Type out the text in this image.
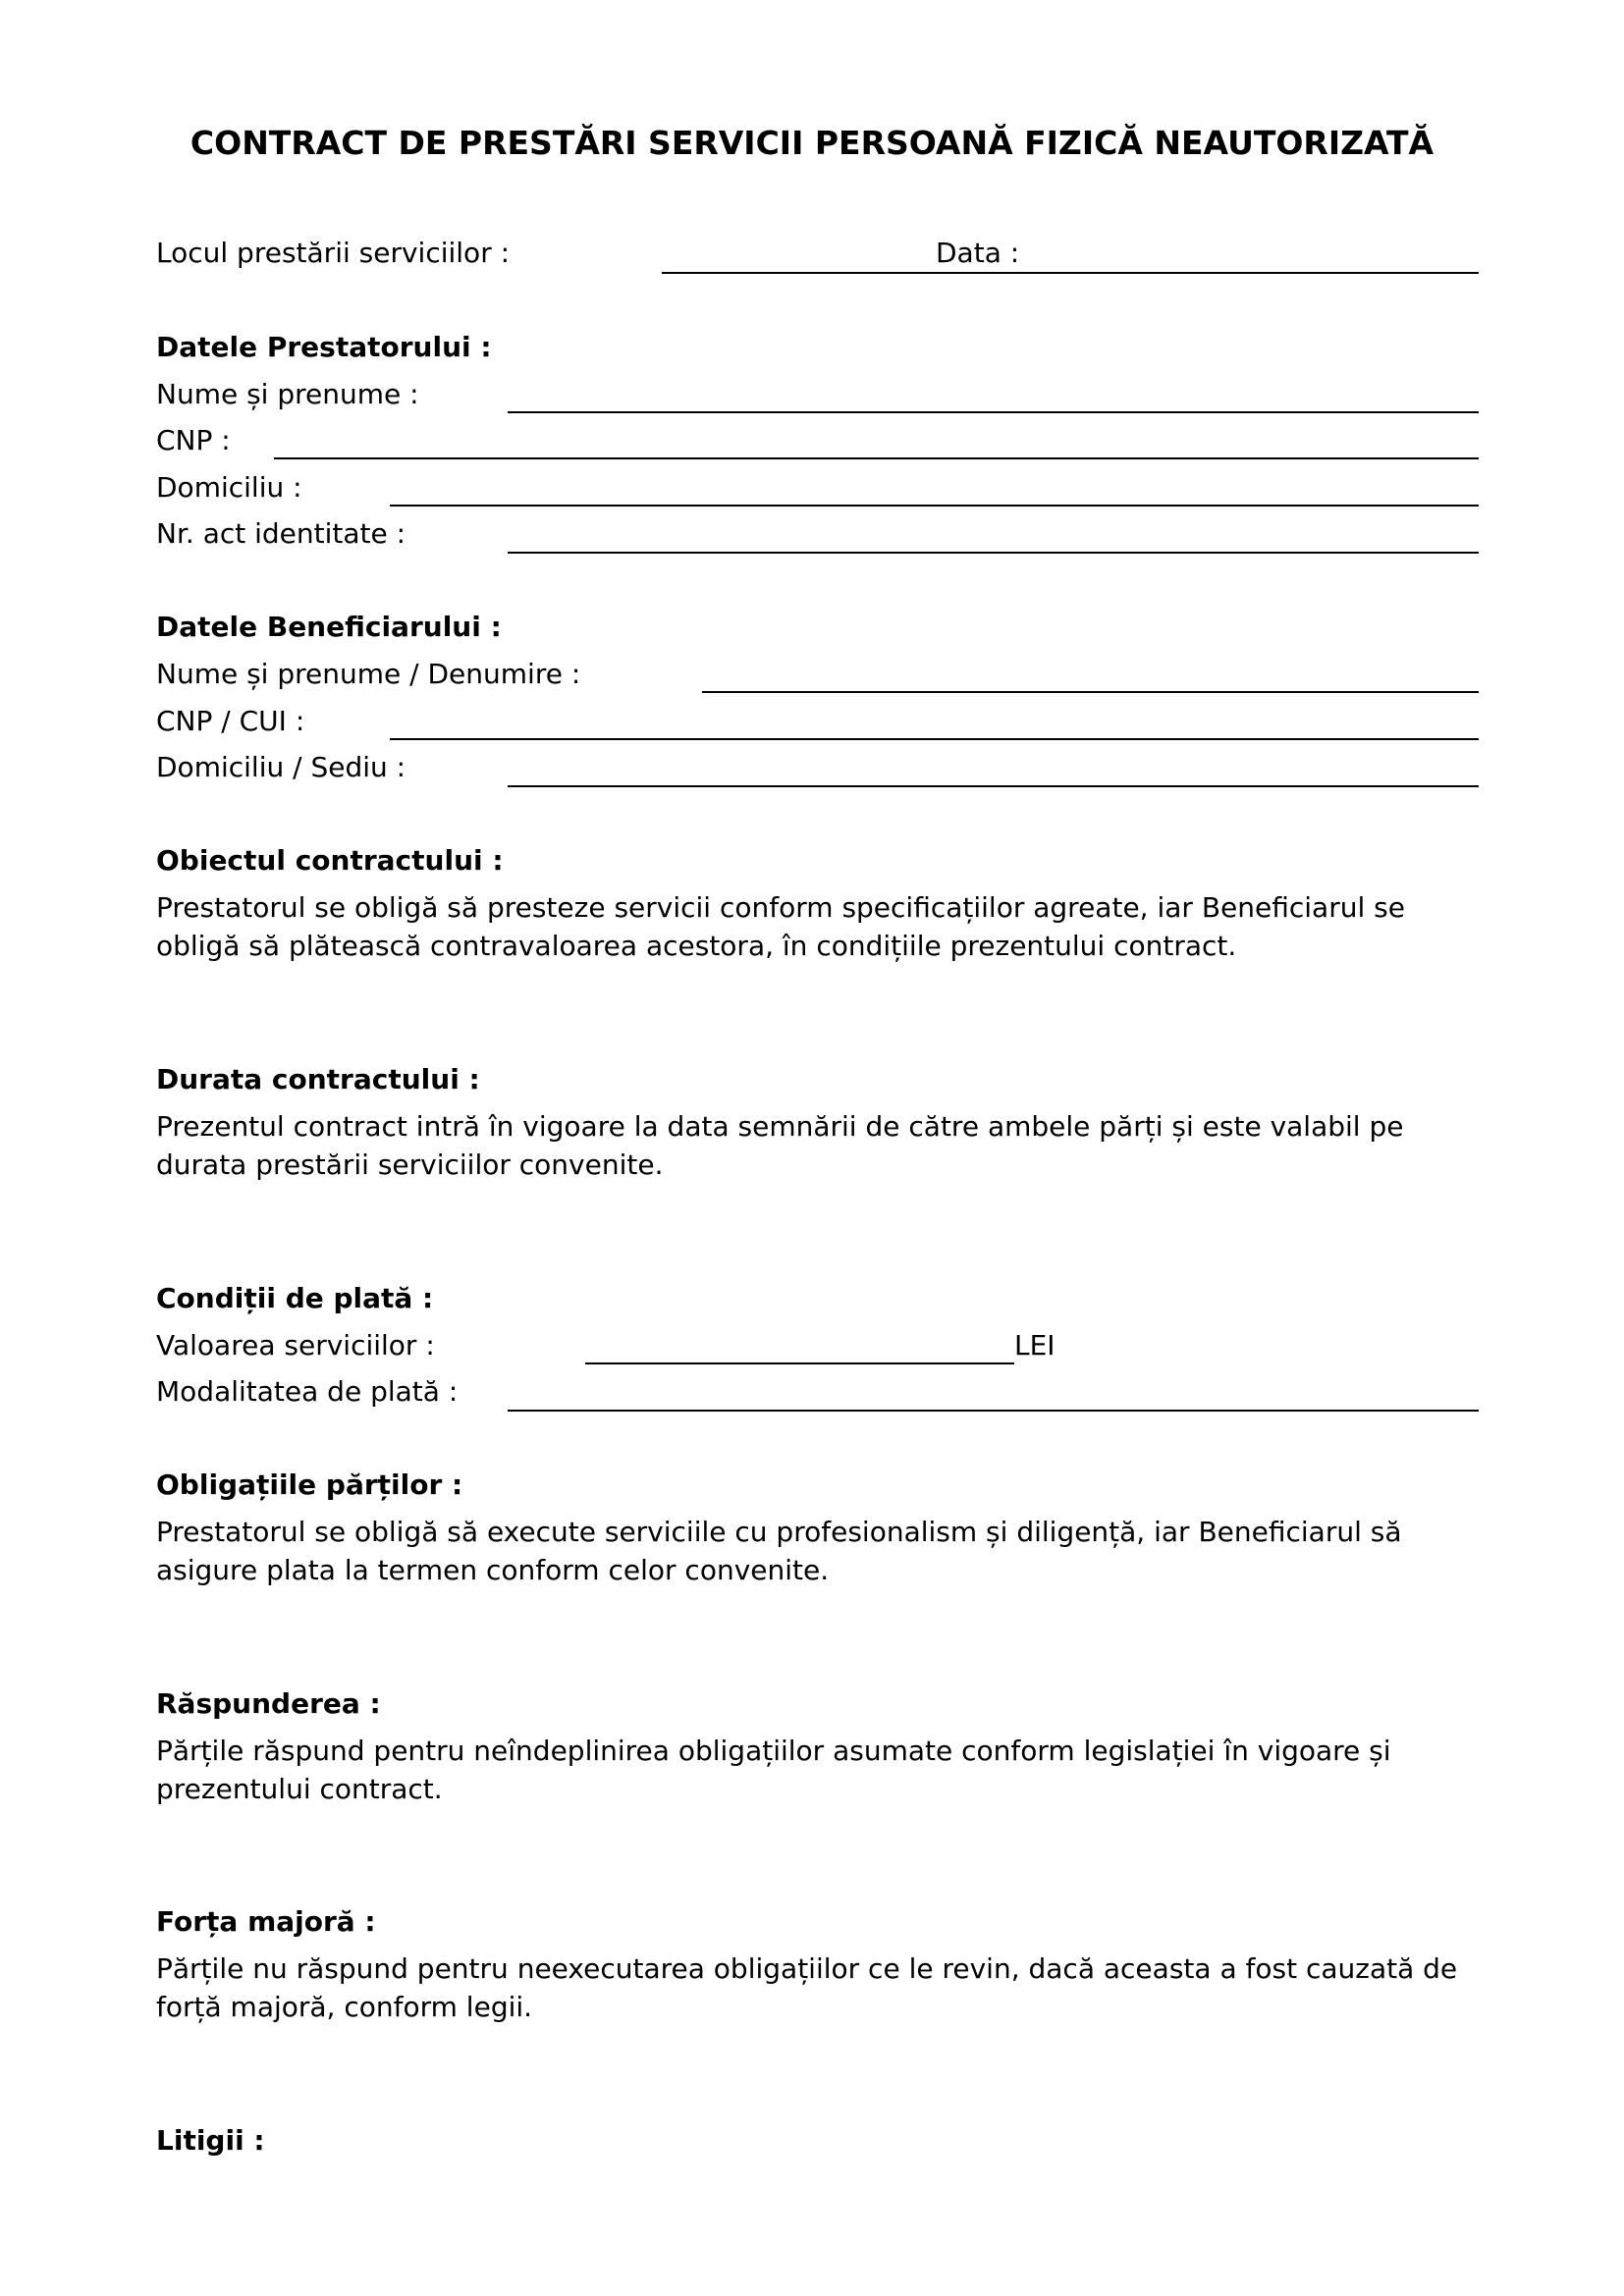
CONTRACT DE PRESTĂRI SERVICII PERSOANĂ FIZICĂ NEAUTORIZATĂ
Locul prestării serviciilor :	Data :
Datele Prestatorului :
Nume și prenume :
CNP :
Domiciliu :
Nr. act identitate :
Datele Beneficiarului :
Nume și prenume / Denumire :
CNP / CUI :
Domiciliu / Sediu :
Obiectul contractului :
Prestatorul se obligă să presteze servicii conform specificațiilor agreate, iar Beneficiarul se
obligă să plătească contravaloarea acestora, în condițiile prezentului contract.
Durata contractului :
Prezentul contract intră în vigoare la data semnării de către ambele părți și este valabil pe
durata prestării serviciilor convenite.
Condiții de plată :
Valoarea serviciilor :	LEI
Modalitatea de plată :
Obligațiile părților :
Prestatorul se obligă să execute serviciile cu profesionalism și diligență, iar Beneficiarul să
asigure plata la termen conform celor convenite.
Răspunderea :
Părțile răspund pentru neîndeplinirea obligațiilor asumate conform legislației în vigoare și
prezentului contract.
Forța majoră :
Părțile nu răspund pentru neexecutarea obligațiilor ce le revin, dacă aceasta a fost cauzată de
forță majoră, conform legii.
Litigii :
